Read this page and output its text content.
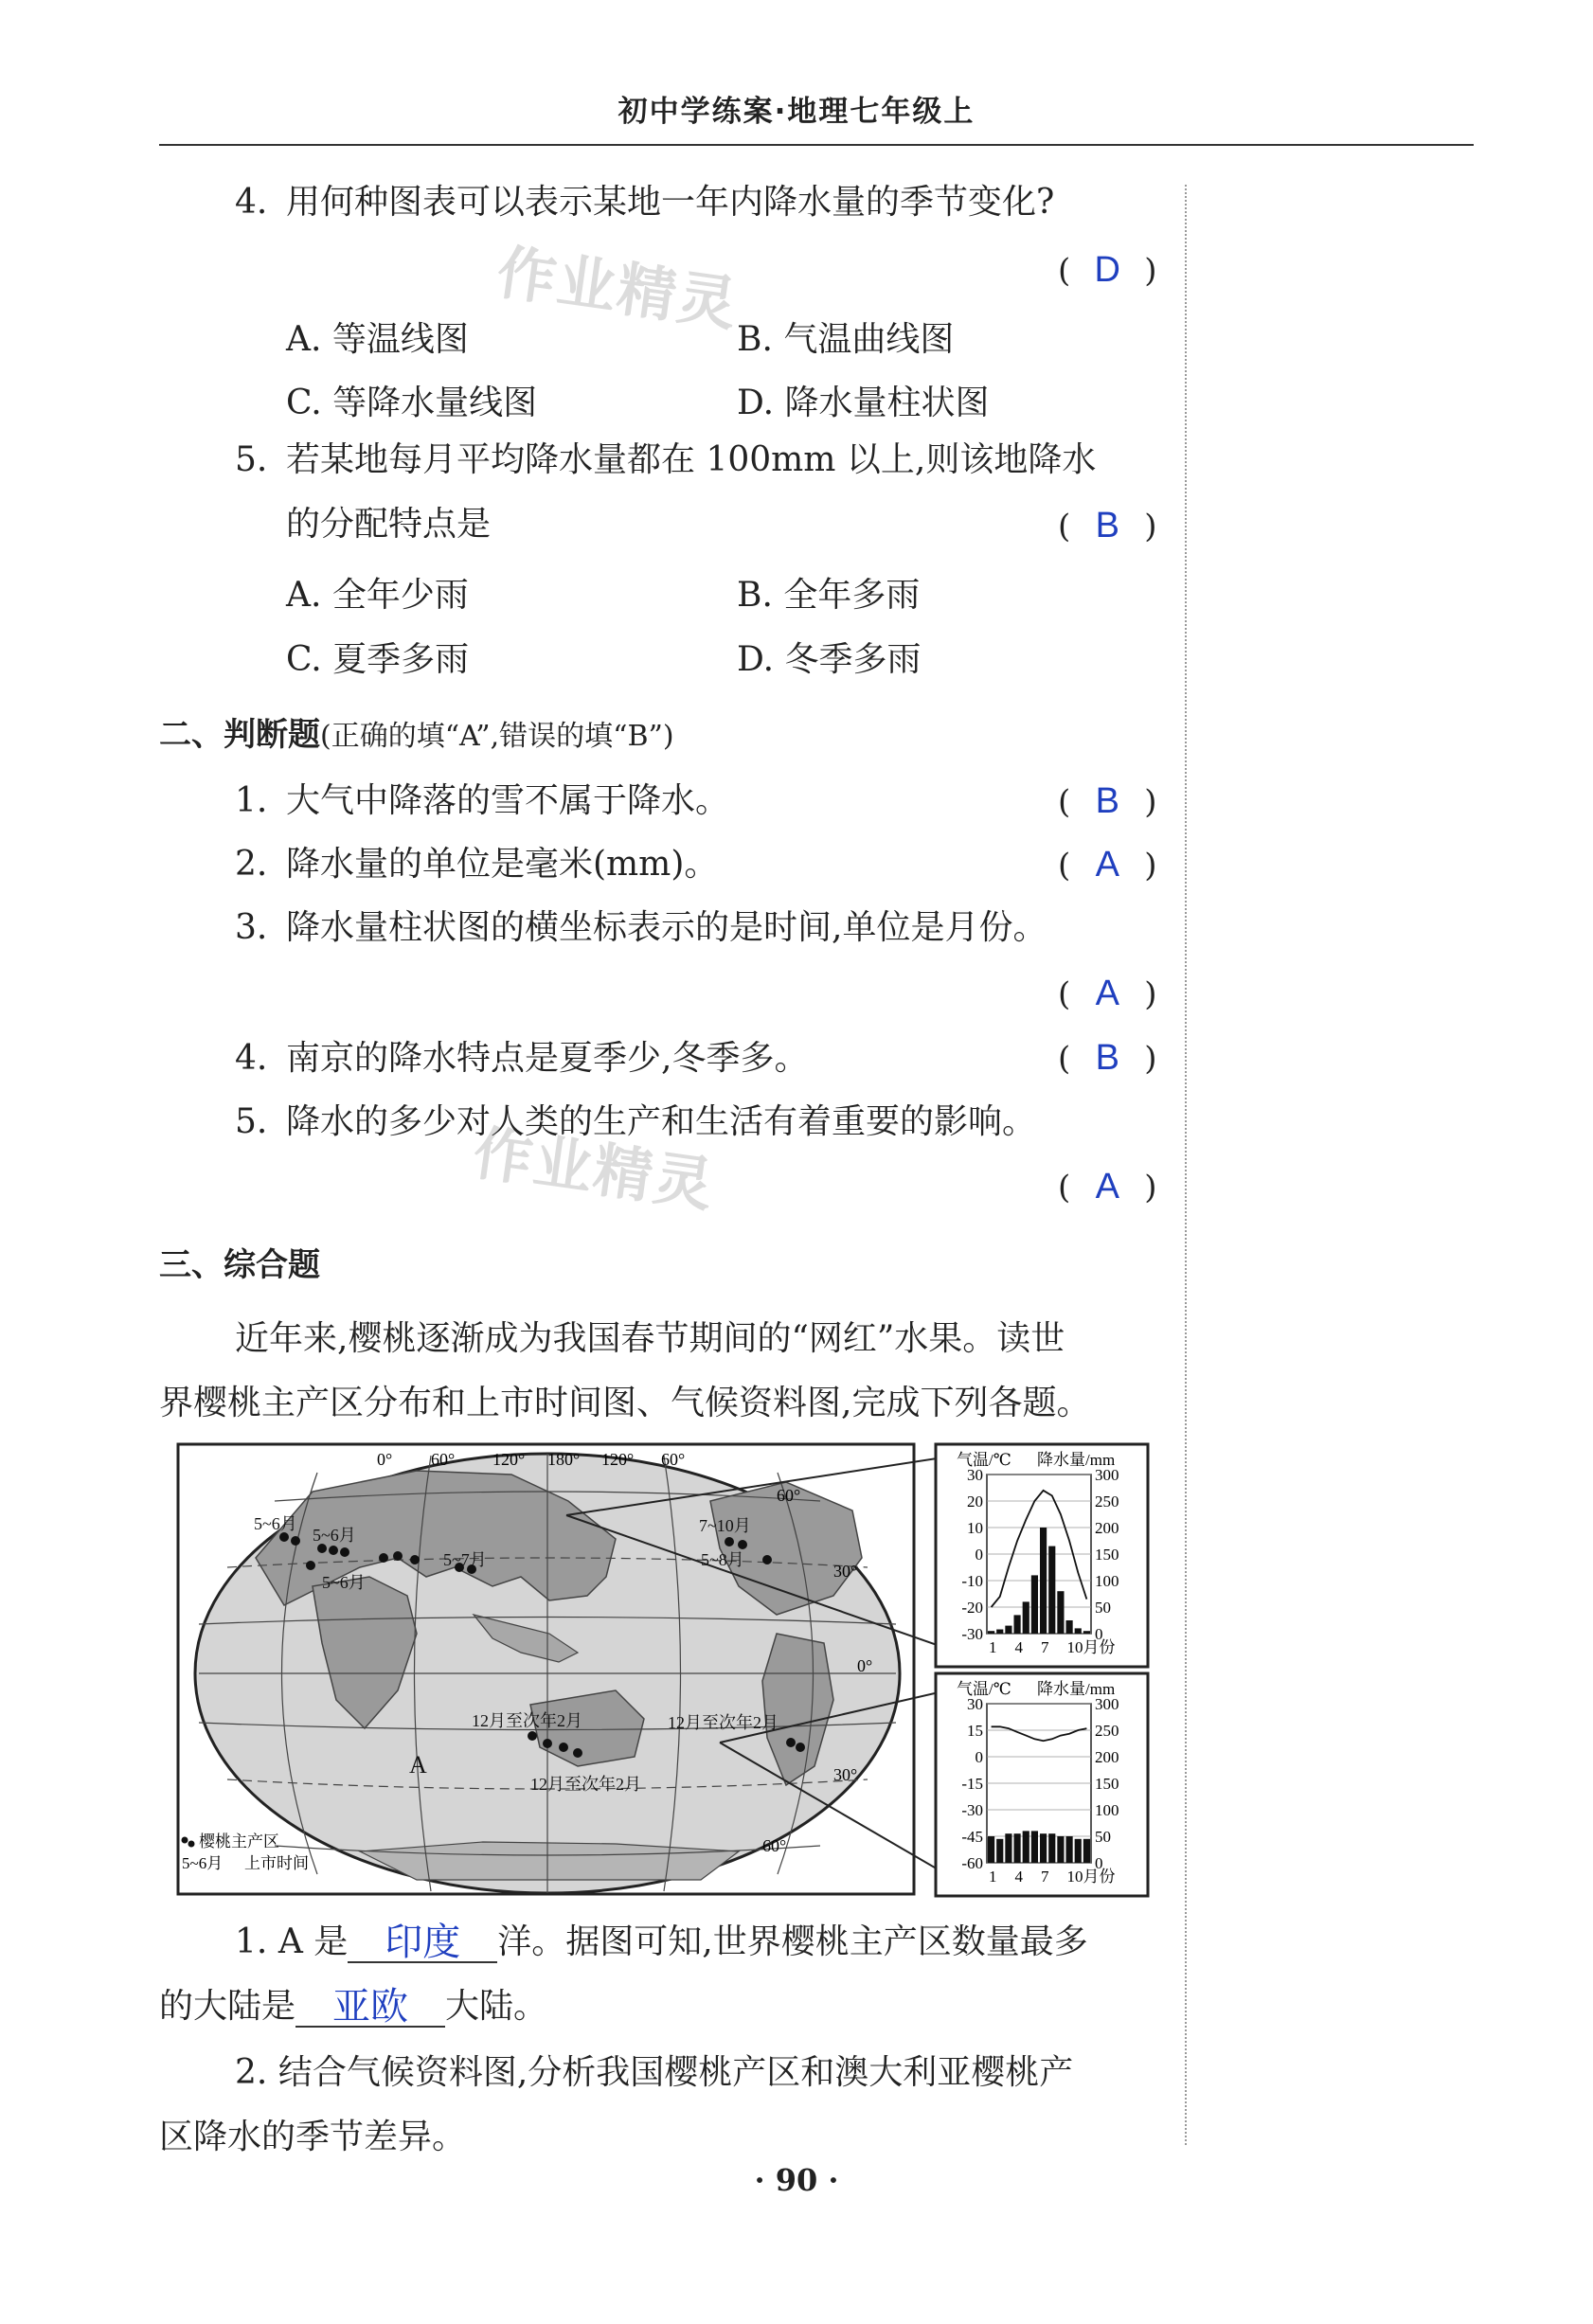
初中学练案·地理七年级上
作业精灵
作业精灵
4. 用何种图表可以表示某地一年内降水量的季节变化?
( D )
A. 等温线图	B. 气温曲线图
C. 等降水量线图	D. 降水量柱状图
5. 若某地每月平均降水量都在 100mm 以上,则该地降水
的分配特点是	( B )
A. 全年少雨	B. 全年多雨
C. 夏季多雨	D. 冬季多雨
二、判断题(正确的填“A”,错误的填“B”)
1. 大气中降落的雪不属于降水。	( B )
2. 降水量的单位是毫米(mm)。	( A )
3. 降水量柱状图的横坐标表示的是时间,单位是月份。
( A )
4. 南京的降水特点是夏季少,冬季多。	( B )
5. 降水的多少对人类的生产和生活有着重要的影响。
( A )
三、综合题
近年来,樱桃逐渐成为我国春节期间的“网红”水果。读世
界樱桃主产区分布和上市时间图、气候资料图,完成下列各题。
0° 60° 120° 180° 120° 60°
60°
30°
0°
30°
60°
5~6月
5~6月
5~6月
5~7月
7~10月
5~8月
12月至次年2月
12月至次年2月
12月至次年2月
A
樱桃主产区
5~6月 上市时间
气温/℃ 降水量/mm
30
20
10
0
-10
-20
-30
300
250
200
150
100
50
0
1 4 7 10月份
气温/℃ 降水量/mm
30
15
0
-15
-30
-45
-60
300
250
200
150
100
50
0
1 4 7 10月份
1. A 是 印度 洋。据图可知,世界樱桃主产区数量最多
的大陆是 亚欧 大陆。
2. 结合气候资料图,分析我国樱桃产区和澳大利亚樱桃产
区降水的季节差异。
· 90 ·
